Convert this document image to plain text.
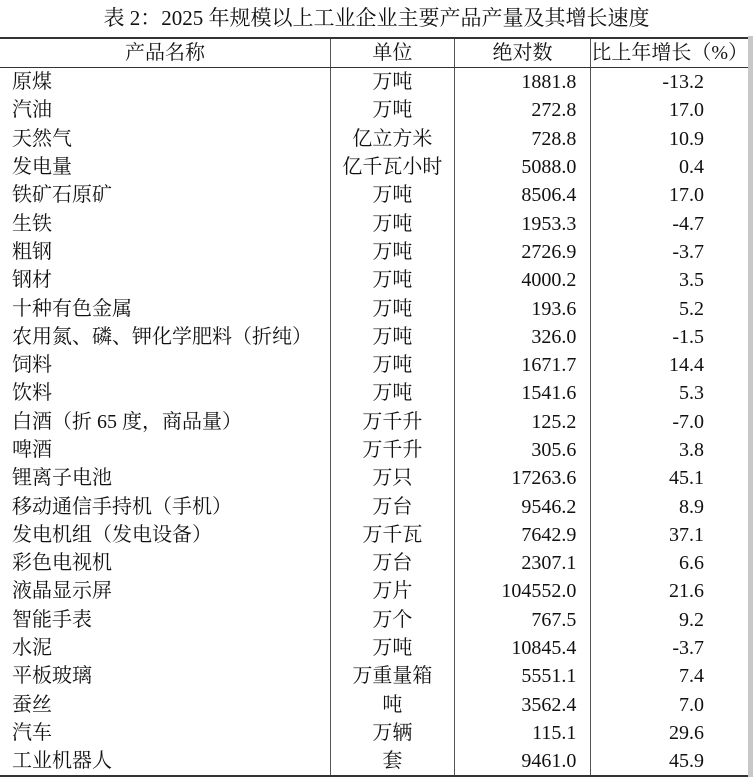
表 2：2025 年规模以上工业企业主要产品产量及其增长速度
产品名称	单位	绝对数	比上年增长（%）
原煤	万吨	1881.8	-13.2
汽油	万吨	272.8	17.0
天然气	亿立方米	728.8	10.9
发电量	亿千瓦小时	5088.0	0.4
铁矿石原矿	万吨	8506.4	17.0
生铁	万吨	1953.3	-4.7
粗钢	万吨	2726.9	-3.7
钢材	万吨	4000.2	3.5
十种有色金属	万吨	193.6	5.2
农用氮、磷、钾化学肥料（折纯）	万吨	326.0	-1.5
饲料	万吨	1671.7	14.4
饮料	万吨	1541.6	5.3
白酒（折 65 度，商品量）	万千升	125.2	-7.0
啤酒	万千升	305.6	3.8
锂离子电池	万只	17263.6	45.1
移动通信手持机（手机）	万台	9546.2	8.9
发电机组（发电设备）	万千瓦	7642.9	37.1
彩色电视机	万台	2307.1	6.6
液晶显示屏	万片	104552.0	21.6
智能手表	万个	767.5	9.2
水泥	万吨	10845.4	-3.7
平板玻璃	万重量箱	5551.1	7.4
蚕丝	吨	3562.4	7.0
汽车	万辆	115.1	29.6
工业机器人	套	9461.0	45.9
